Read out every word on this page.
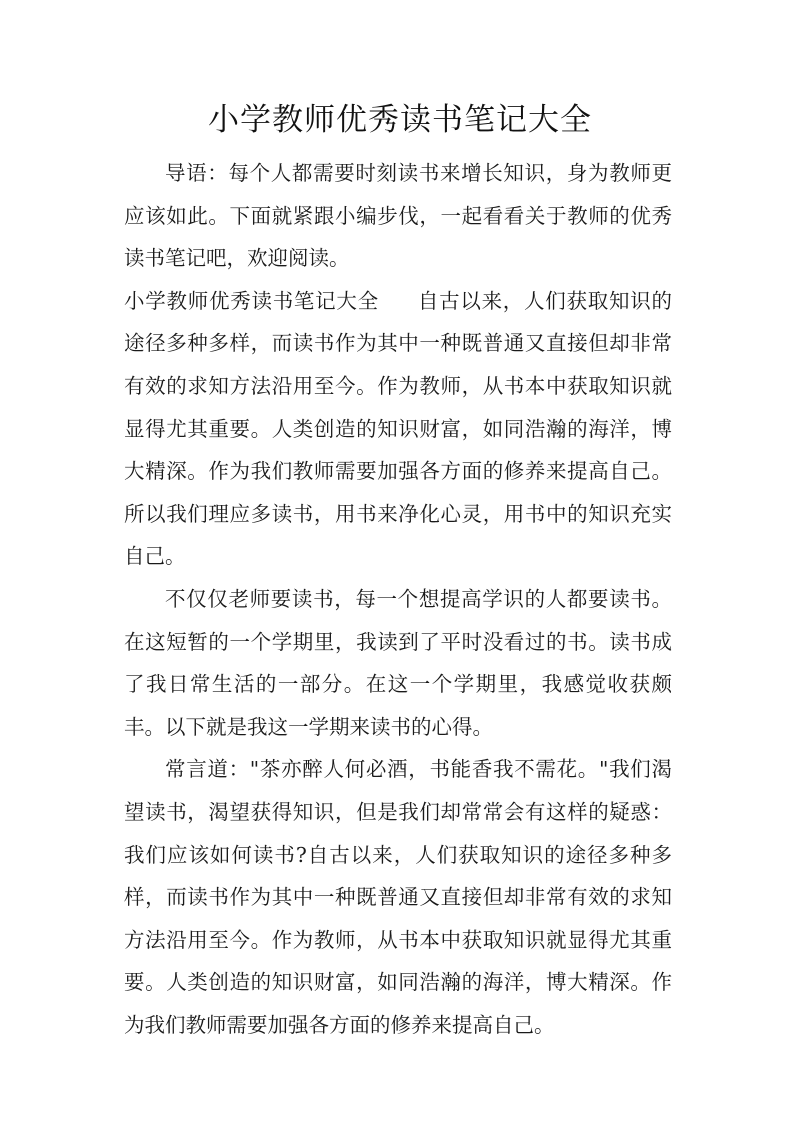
小学教师优秀读书笔记大全

导语：每个人都需要时刻读书来增长知识，身为教师更应该如此。下面就紧跟小编步伐，一起看看关于教师的优秀读书笔记吧，欢迎阅读。

小学教师优秀读书笔记大全 自古以来，人们获取知识的途径多种多样，而读书作为其中一种既普通又直接但却非常有效的求知方法沿用至今。作为教师，从书本中获取知识就显得尤其重要。人类创造的知识财富，如同浩瀚的海洋，博大精深。作为我们教师需要加强各方面的修养来提高自己。所以我们理应多读书，用书来净化心灵，用书中的知识充实自己。

不仅仅老师要读书，每一个想提高学识的人都要读书。在这短暂的一个学期里，我读到了平时没看过的书。读书成了我日常生活的一部分。在这一个学期里，我感觉收获颇丰。以下就是我这一学期来读书的心得。

常言道："茶亦醉人何必酒，书能香我不需花。"我们渴望读书，渴望获得知识，但是我们却常常会有这样的疑惑：我们应该如何读书?自古以来，人们获取知识的途径多种多样，而读书作为其中一种既普通又直接但却非常有效的求知方法沿用至今。作为教师，从书本中获取知识就显得尤其重要。人类创造的知识财富，如同浩瀚的海洋，博大精深。作为我们教师需要加强各方面的修养来提高自己。
